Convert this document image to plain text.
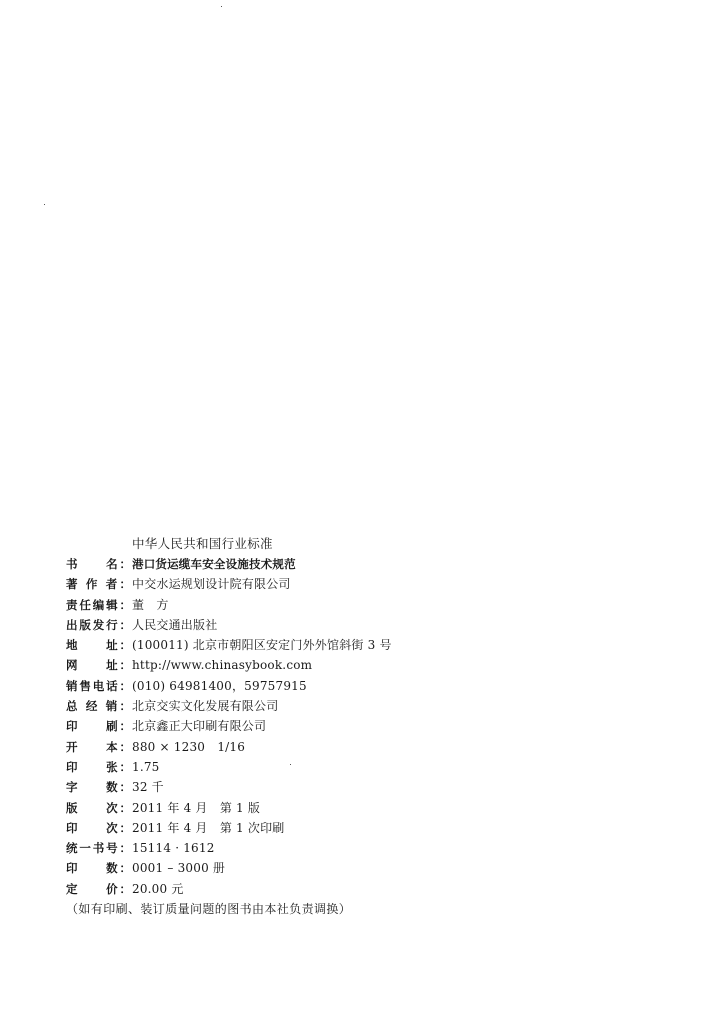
中华人民共和国行业标准
书　　名： 港口货运缆车安全设施技术规范
著 作 者： 中交水运规划设计院有限公司
责任编辑： 董　方
出版发行： 人民交通出版社
地　　址： (100011) 北京市朝阳区安定门外外馆斜街 3 号
网　　址： http://www.chinasybook.com
销售电话： (010) 64981400，59757915
总 经 销： 北京交实文化发展有限公司
印　　刷： 北京鑫正大印刷有限公司
开　　本： 880 × 1230　1/16
印　　张： 1.75
字　　数： 32 千
版　　次： 2011 年 4 月　第 1 版
印　　次： 2011 年 4 月　第 1 次印刷
统一书号： 15114 · 1612
印　　数： 0001 – 3000 册
定　　价： 20.00 元
（如有印刷、装订质量问题的图书由本社负责调换）
